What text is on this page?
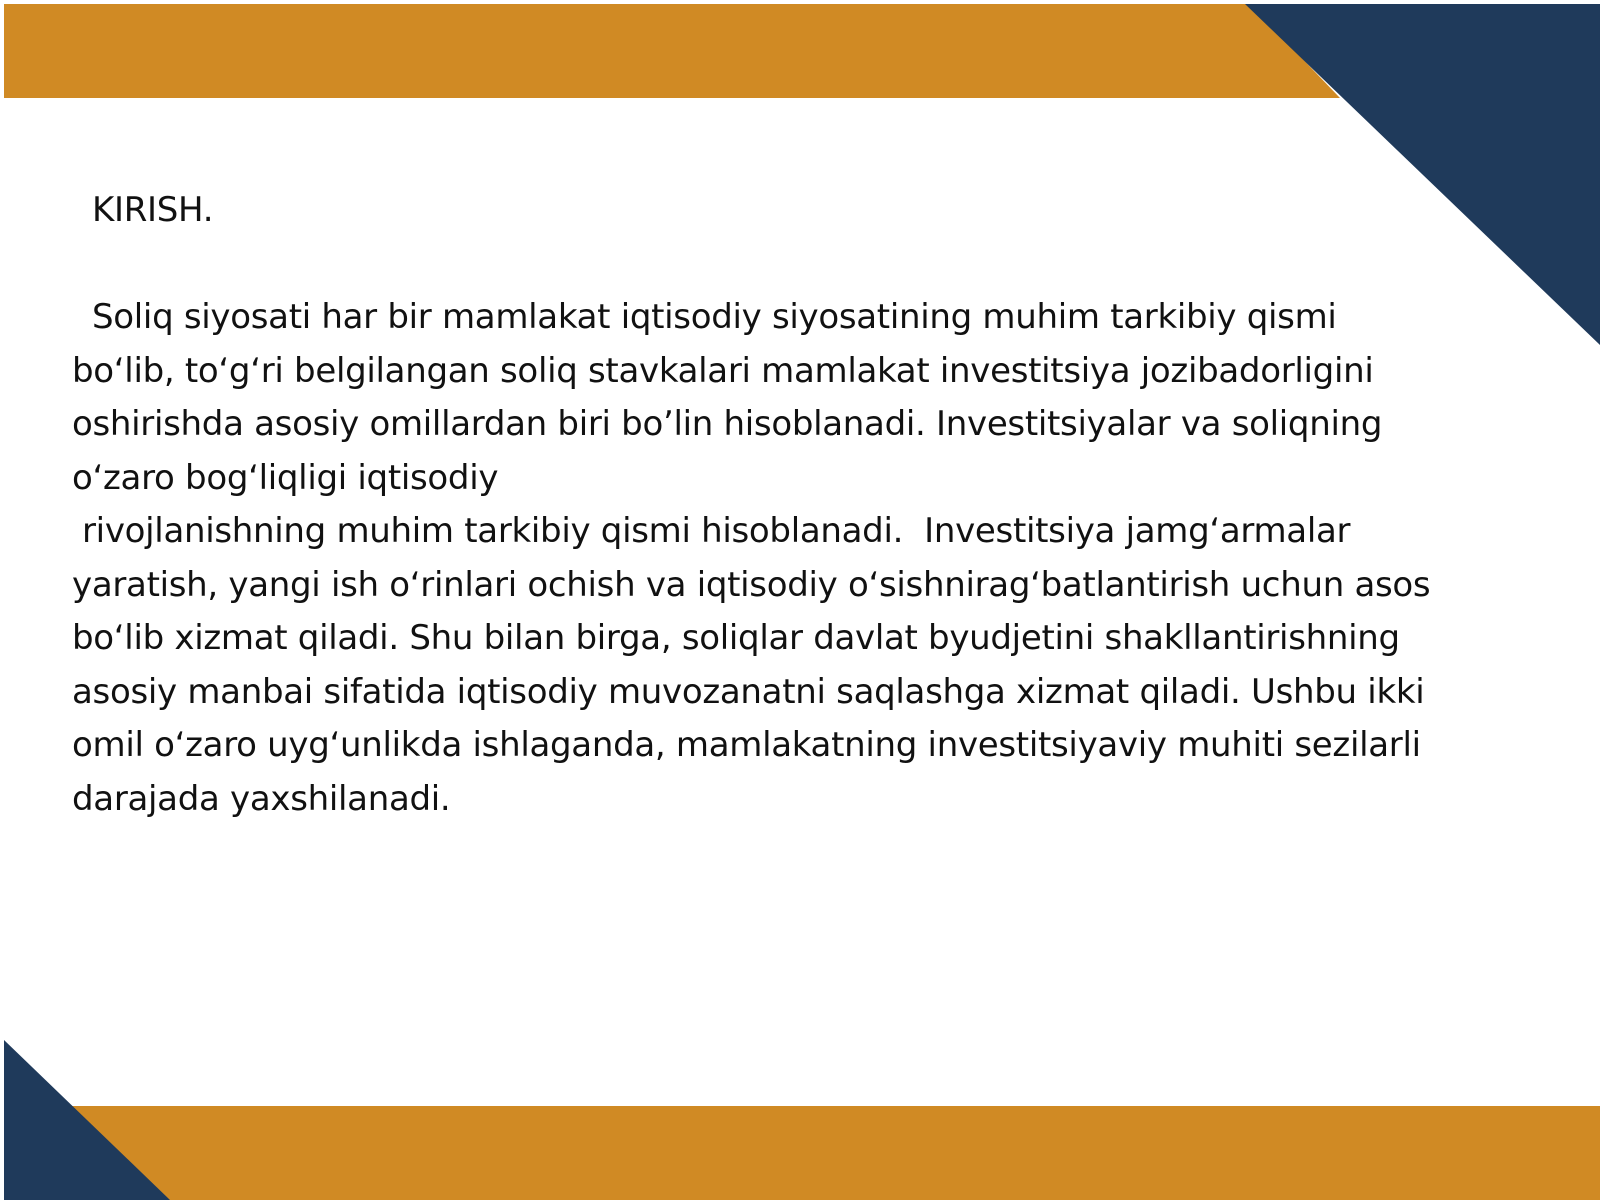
KIRISH.
Soliq siyosati har bir mamlakat iqtisodiy siyosatining muhim tarkibiy qismi
bo‘lib, to‘g‘ri belgilangan soliq stavkalari mamlakat investitsiya jozibadorligini
oshirishda asosiy omillardan biri bo’lin hisoblanadi. Investitsiyalar va soliqning
o‘zaro bog‘liqligi iqtisodiy
rivojlanishning muhim tarkibiy qismi hisoblanadi.  Investitsiya jamg‘armalar
yaratish, yangi ish o‘rinlari ochish va iqtisodiy o‘sishnirag‘batlantirish uchun asos
bo‘lib xizmat qiladi. Shu bilan birga, soliqlar davlat byudjetini shakllantirishning
asosiy manbai sifatida iqtisodiy muvozanatni saqlashga xizmat qiladi. Ushbu ikki
omil o‘zaro uyg‘unlikda ishlaganda, mamlakatning investitsiyaviy muhiti sezilarli
darajada yaxshilanadi.
